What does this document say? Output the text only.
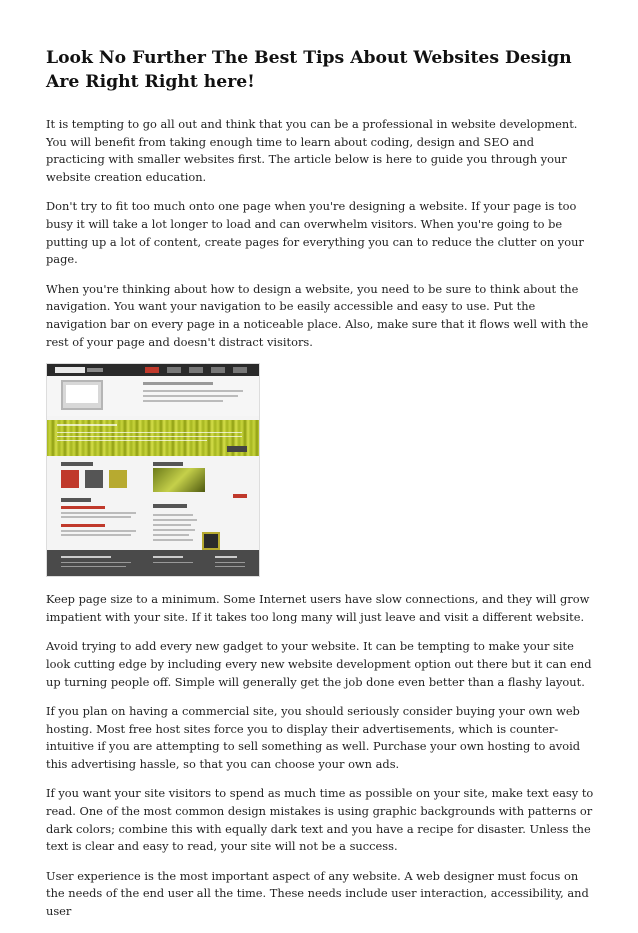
Look No Further The Best Tips About Websites Design Are Right Right here!

It is tempting to go all out and think that you can be a professional in website development. You will benefit from taking enough time to learn about coding, design and SEO and practicing with smaller websites first. The article below is here to guide you through your website creation education.

Don't try to fit too much onto one page when you're designing a website. If your page is too busy it will take a lot longer to load and can overwhelm visitors. When you're going to be putting up a lot of content, create pages for everything you can to reduce the clutter on your page.

When you're thinking about how to design a website, you need to be sure to think about the navigation. You want your navigation to be easily accessible and easy to use. Put the navigation bar on every page in a noticeable place. Also, make sure that it flows well with the rest of your page and doesn't distract visitors.

Keep page size to a minimum. Some Internet users have slow connections, and they will grow impatient with your site. If it takes too long many will just leave and visit a different website.

Avoid trying to add every new gadget to your website. It can be tempting to make your site look cutting edge by including every new website development option out there but it can end up turning people off. Simple will generally get the job done even better than a flashy layout.

If you plan on having a commercial site, you should seriously consider buying your own web hosting. Most free host sites force you to display their advertisements, which is counter-intuitive if you are attempting to sell something as well. Purchase your own hosting to avoid this advertising hassle, so that you can choose your own ads.

If you want your site visitors to spend as much time as possible on your site, make text easy to read. One of the most common design mistakes is using graphic backgrounds with patterns or dark colors; combine this with equally dark text and you have a recipe for disaster. Unless the text is clear and easy to read, your site will not be a success.

User experience is the most important aspect of any website. A web designer must focus on the needs of the end user all the time. These needs include user interaction, accessibility, and user
